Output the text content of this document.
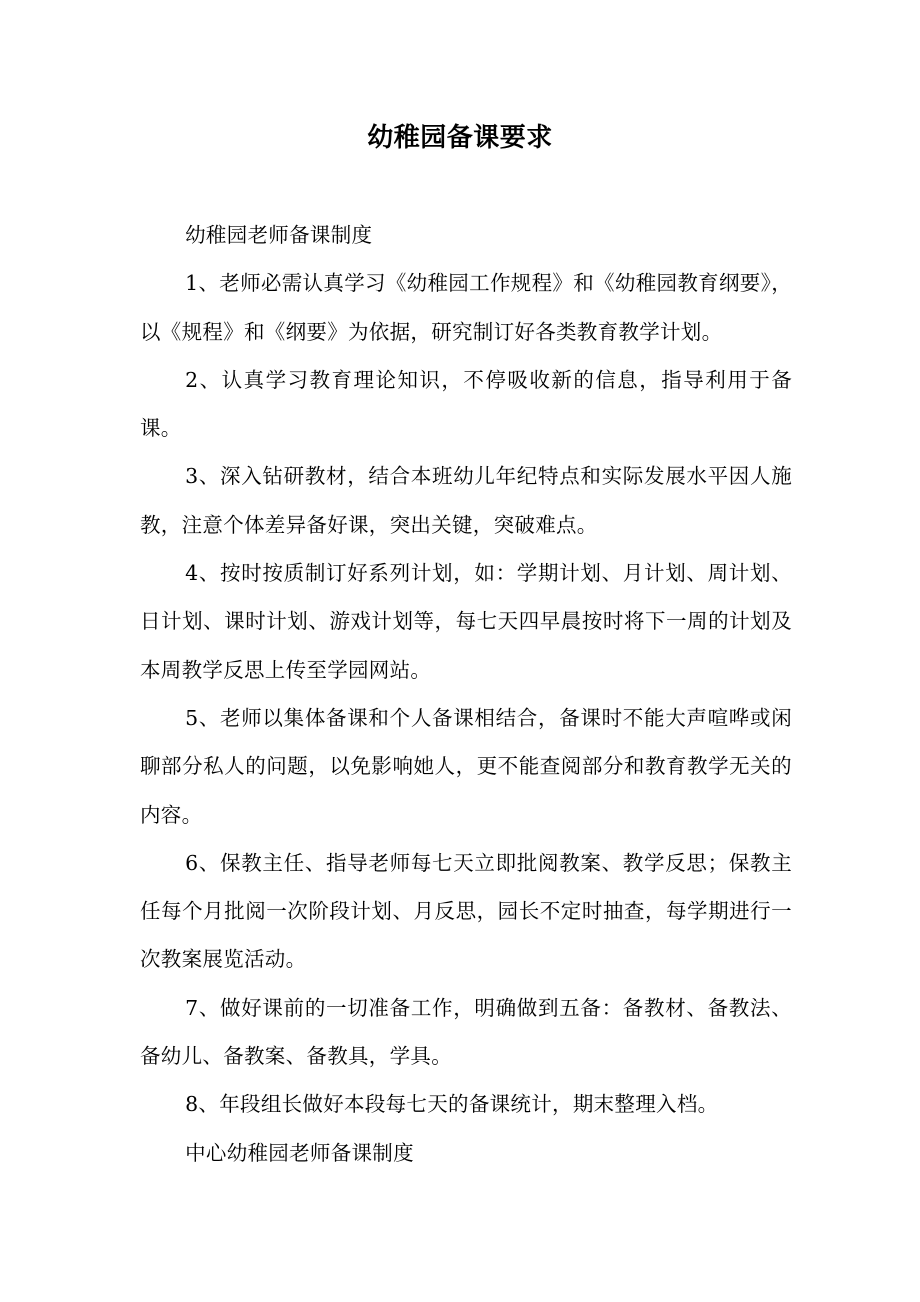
幼稚园备课要求

幼稚园老师备课制度

1、老师必需认真学习《幼稚园工作规程》和《幼稚园教育纲要》，以《规程》和《纲要》为依据，研究制订好各类教育教学计划。

2、认真学习教育理论知识，不停吸收新的信息，指导利用于备课。

3、深入钻研教材，结合本班幼儿年纪特点和实际发展水平因人施教，注意个体差异备好课，突出关键，突破难点。

4、按时按质制订好系列计划，如：学期计划、月计划、周计划、日计划、课时计划、游戏计划等，每七天四早晨按时将下一周的计划及本周教学反思上传至学园网站。

5、老师以集体备课和个人备课相结合，备课时不能大声喧哗或闲聊部分私人的问题，以免影响她人，更不能查阅部分和教育教学无关的内容。

6、保教主任、指导老师每七天立即批阅教案、教学反思；保教主任每个月批阅一次阶段计划、月反思，园长不定时抽查，每学期进行一次教案展览活动。

7、做好课前的一切准备工作，明确做到五备：备教材、备教法、备幼儿、备教案、备教具，学具。

8、年段组长做好本段每七天的备课统计，期末整理入档。

中心幼稚园老师备课制度
